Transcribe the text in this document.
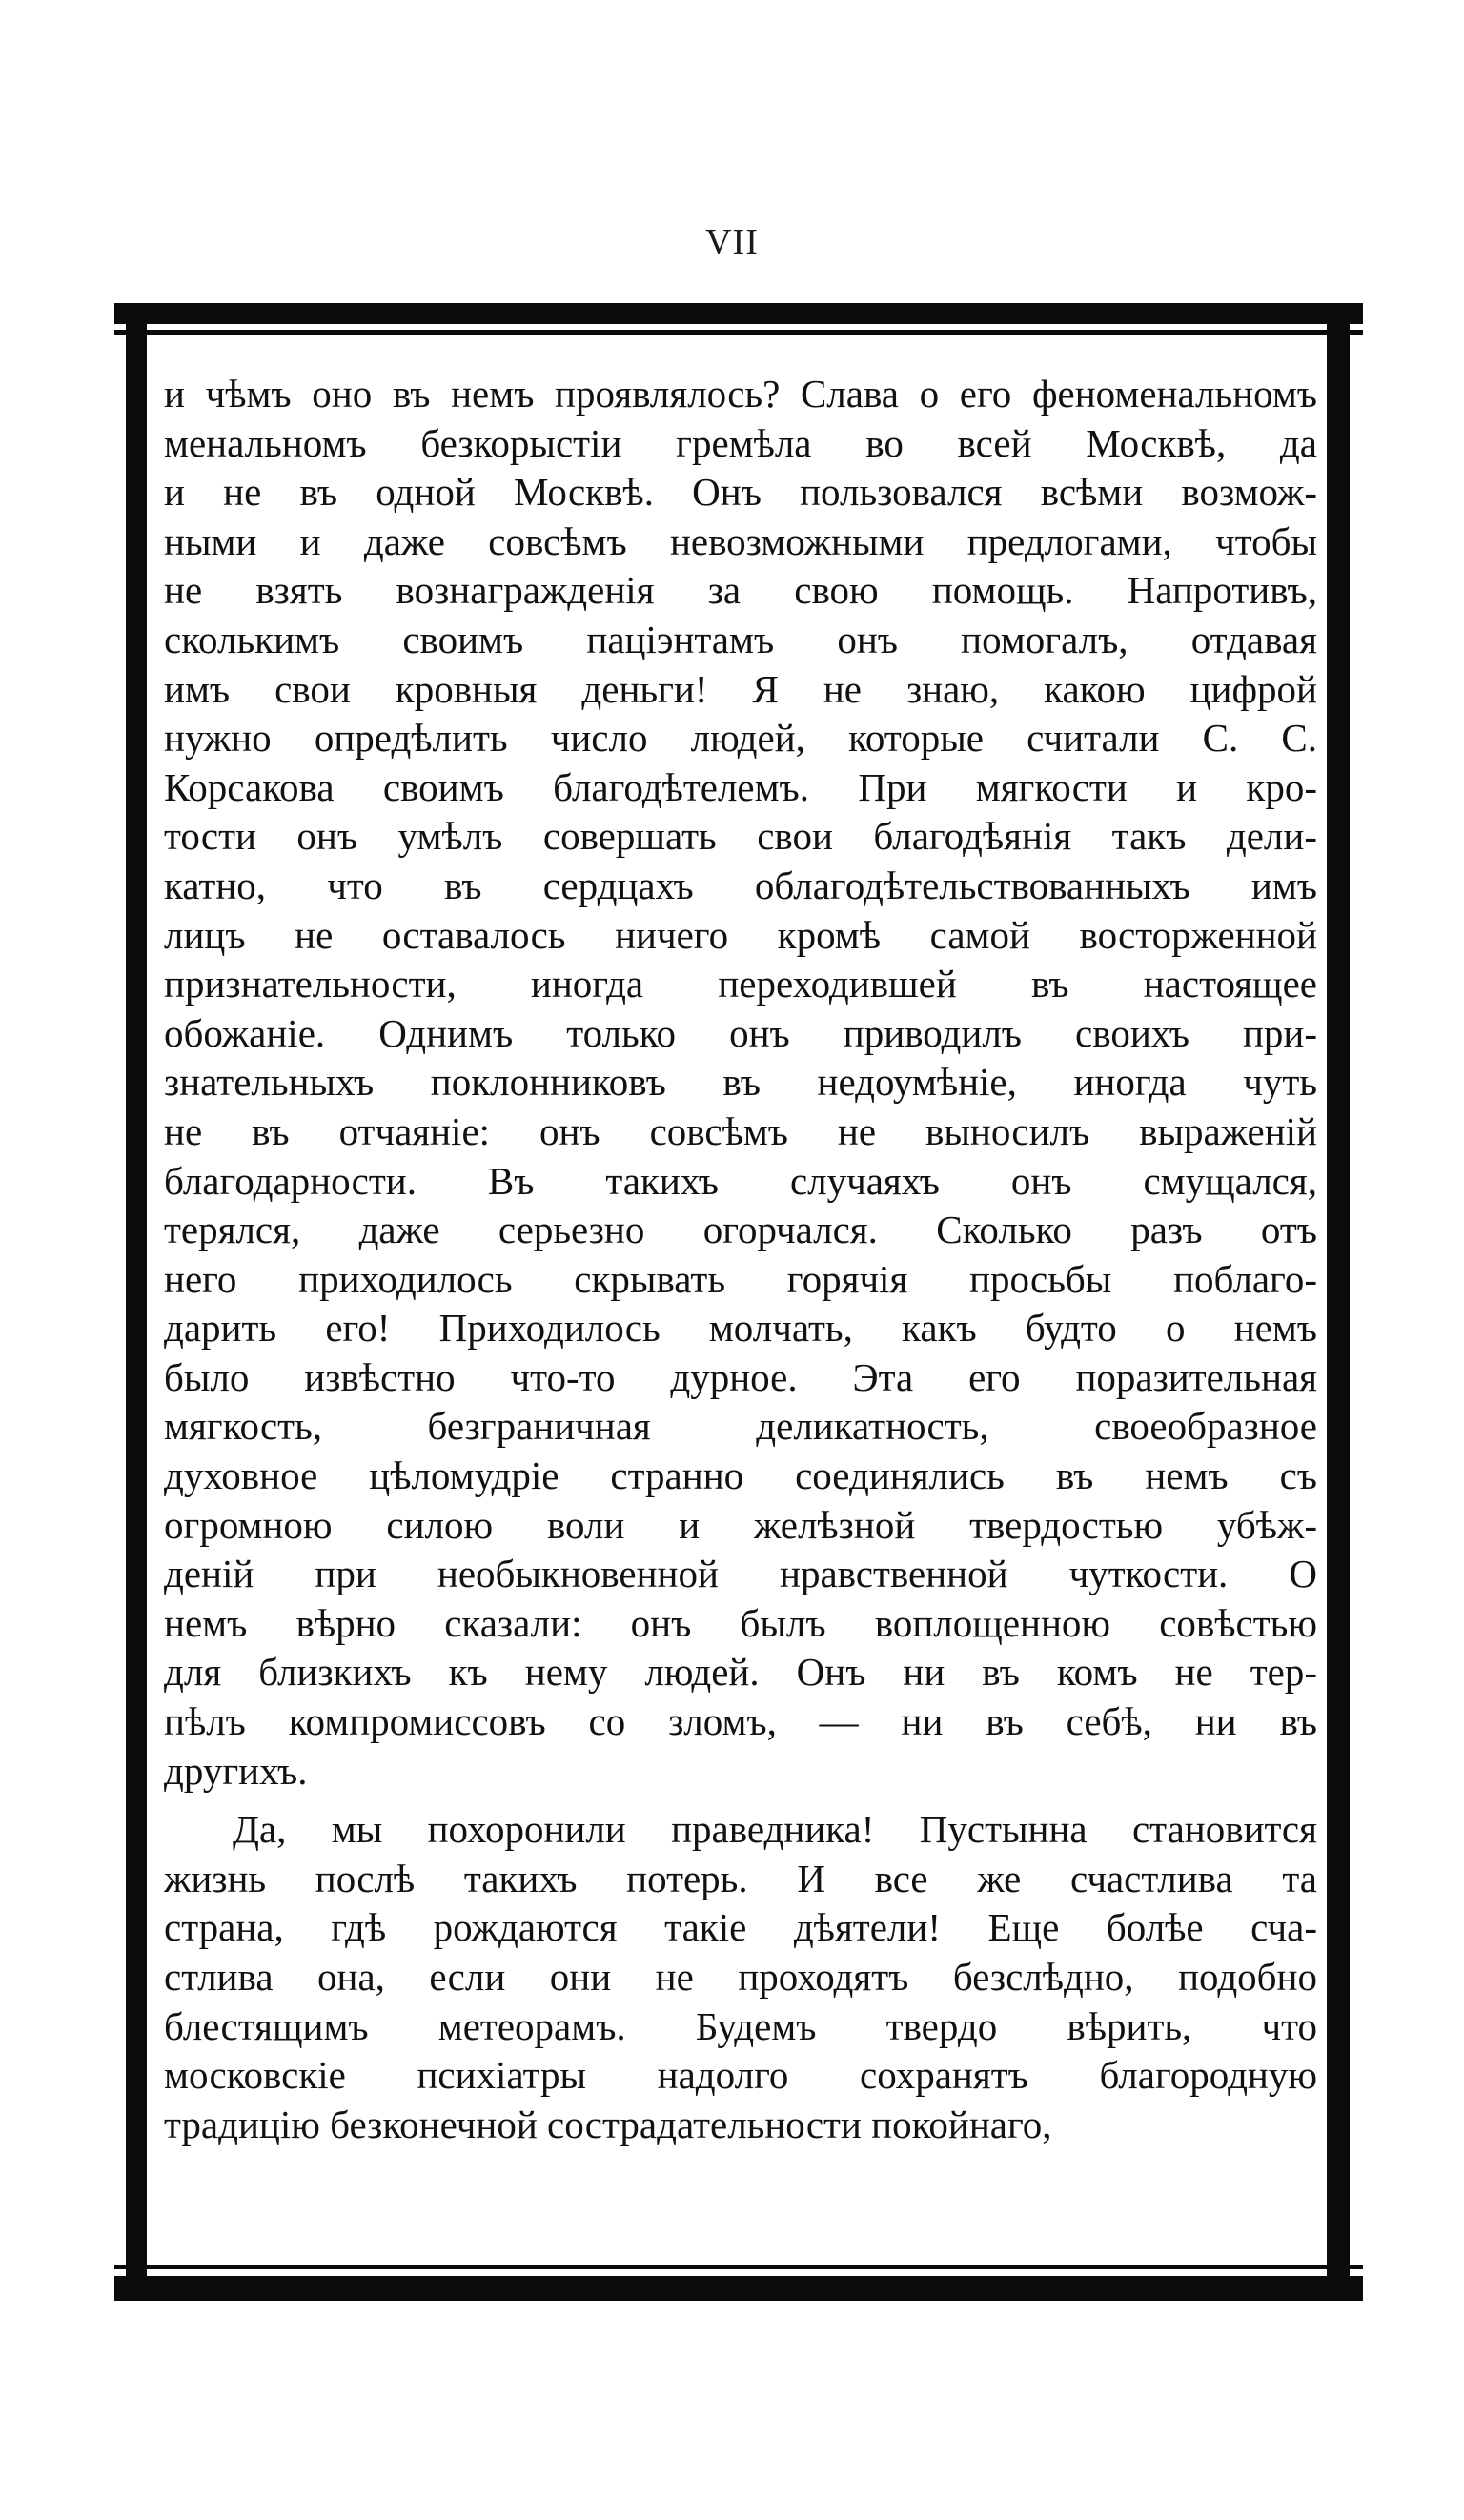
VII
и чѣмъ оно въ немъ проявлялось? Слава о его феноменальномъ
менальномъ безкорыстіи гремѣла во всей Москвѣ, да
и не въ одной Москвѣ. Онъ пользовался всѣми возмож-
ными и даже совсѣмъ невозможными предлогами, чтобы
не взять вознагражденія за свою помощь. Напротивъ,
сколькимъ своимъ паціэнтамъ онъ помогалъ, отдавая
имъ свои кровныя деньги! Я не знаю, какою цифрой
нужно опредѣлить число людей, которые считали С. С.
Корсакова своимъ благодѣтелемъ. При мягкости и кро-
тости онъ умѣлъ совершать свои благодѣянія такъ дели-
катно, что въ сердцахъ облагодѣтельствованныхъ имъ
лицъ не оставалось ничего кромѣ самой восторженной
признательности, иногда переходившей въ настоящее
обожаніе. Однимъ только онъ приводилъ своихъ при-
знательныхъ поклонниковъ въ недоумѣніе, иногда чуть
не въ отчаяніе: онъ совсѣмъ не выносилъ выраженій
благодарности. Въ такихъ случаяхъ онъ смущался,
терялся, даже серьезно огорчался. Сколько разъ отъ
него приходилось скрывать горячія просьбы поблаго-
дарить его! Приходилось молчать, какъ будто о немъ
было извѣстно что-то дурное. Эта его поразительная
мягкость, безграничная деликатность, своеобразное
духовное цѣломудріе странно соединялись въ немъ съ
огромною силою воли и желѣзной твердостью убѣж-
деній при необыкновенной нравственной чуткости. О
немъ вѣрно сказали: онъ былъ воплощенною совѣстью
для близкихъ къ нему людей. Онъ ни въ комъ не тер-
пѣлъ компромиссовъ со зломъ, — ни въ себѣ, ни въ
другихъ.
Да, мы похоронили праведника! Пустынна становится
жизнь послѣ такихъ потерь. И все же счастлива та
страна, гдѣ рождаются такіе дѣятели! Еще болѣе сча-
стлива она, если они не проходятъ безслѣдно, подобно
блестящимъ метеорамъ. Будемъ твердо вѣрить, что
московскіе психіатры надолго сохранятъ благородную
традицію безконечной сострадательности покойнаго,
